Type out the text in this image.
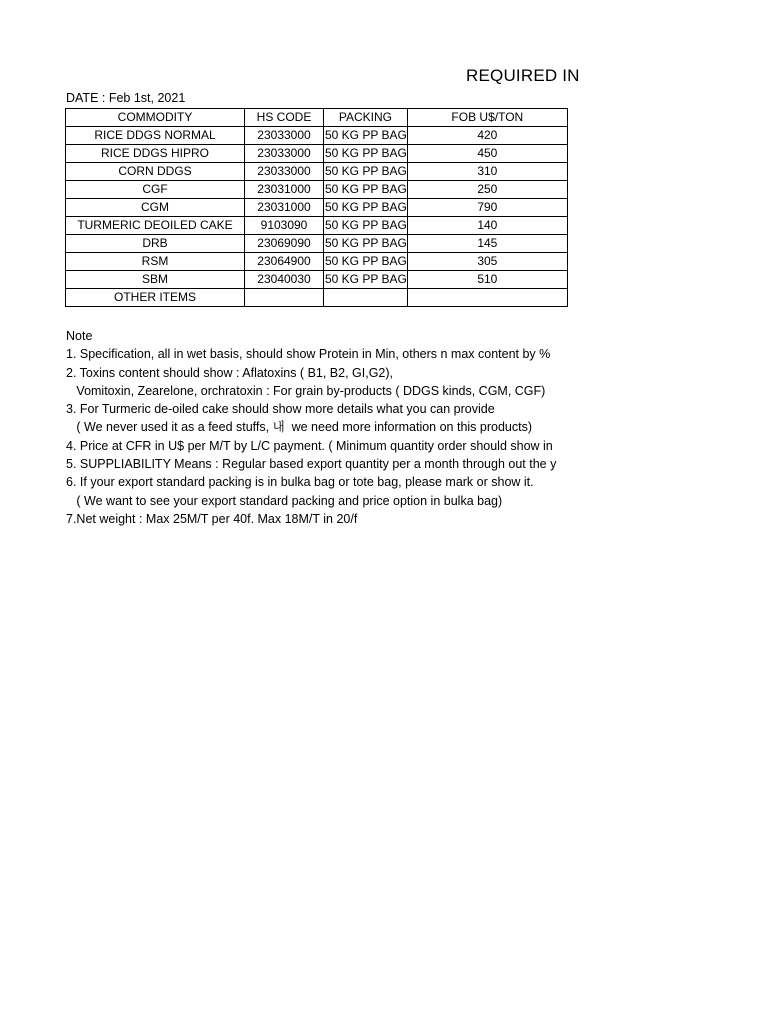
REQUIRED IN
DATE : Feb 1st, 2021
COMMODITY	HS CODE	PACKING	FOB U$/TON
RICE DDGS NORMAL	23033000	50 KG PP BAG	420
RICE DDGS HIPRO	23033000	50 KG PP BAG	450
CORN DDGS	23033000	50 KG PP BAG	310
CGF	23031000	50 KG PP BAG	250
CGM	23031000	50 KG PP BAG	790
TURMERIC DEOILED CAKE	9103090	50 KG PP BAG	140
DRB	23069090	50 KG PP BAG	145
RSM	23064900	50 KG PP BAG	305
SBM	23040030	50 KG PP BAG	510
OTHER ITEMS			
Note
1. Specification, all in wet basis, should show Protein in Min, others n max content by %
2. Toxins content should show : Aflatoxins ( B1, B2, GI,G2),
Vomitoxin, Zearelone, orchratoxin : For grain by-products ( DDGS kinds, CGM, CGF)
3. For Turmeric de-oiled cake should show more details what you can provide
( We never used it as a feed stuffs, 내  we need more information on this products)
4. Price at CFR in U$ per M/T by L/C payment. ( Minimum quantity order should show in
5. SUPPLIABILITY Means : Regular based export quantity per a month through out the y
6. If your export standard packing is in bulka bag or tote bag, please mark or show it.
( We want to see your export standard packing and price option in bulka bag)
7.Net weight : Max 25M/T per 40f. Max 18M/T in 20/f
